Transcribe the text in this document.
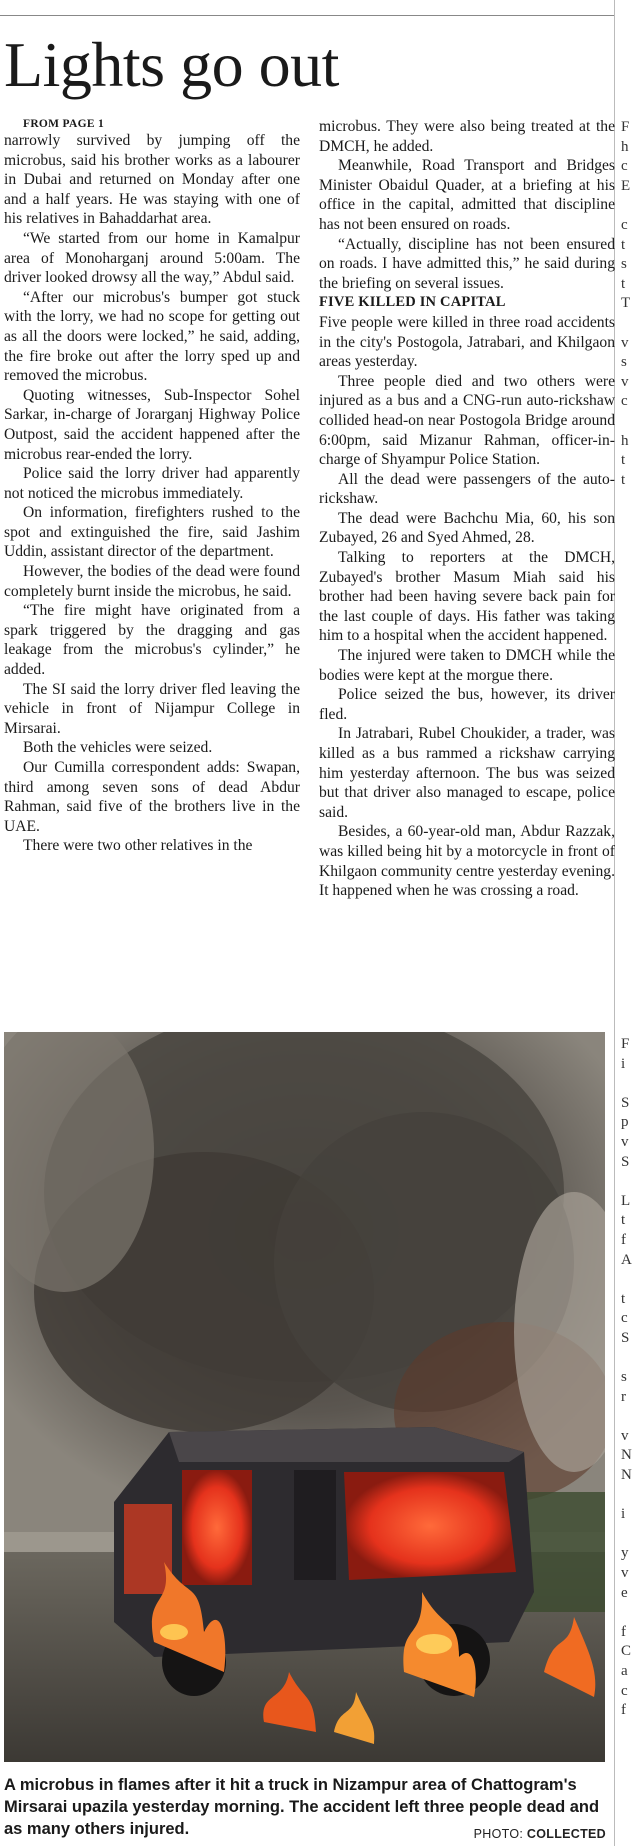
Lights go out

FROM PAGE 1

narrowly survived by jumping off the microbus, said his brother works as a labourer in Dubai and returned on Monday after one and a half years. He was staying with one of his relatives in Bahaddarhat area.

“We started from our home in Kamalpur area of Monoharganj around 5:00am. The driver looked drowsy all the way,” Abdul said.

“After our microbus's bumper got stuck with the lorry, we had no scope for getting out as all the doors were locked,” he said, adding, the fire broke out after the lorry sped up and removed the microbus.

Quoting witnesses, Sub-Inspector Sohel Sarkar, in-charge of Jorarganj Highway Police Outpost, said the accident happened after the microbus rear-ended the lorry.

Police said the lorry driver had apparently not noticed the microbus immediately.

On information, firefighters rushed to the spot and extinguished the fire, said Jashim Uddin, assistant director of the department.

However, the bodies of the dead were found completely burnt inside the microbus, he said.

“The fire might have originated from a spark triggered by the dragging and gas leakage from the microbus's cylinder,” he added.

The SI said the lorry driver fled leaving the vehicle in front of Nijampur College in Mirsarai.

Both the vehicles were seized.

Our Cumilla correspondent adds: Swapan, third among seven sons of dead Abdur Rahman, said five of the brothers live in the UAE.

There were two other relatives in the

microbus. They were also being treated at the DMCH, he added.

Meanwhile, Road Transport and Bridges Minister Obaidul Quader, at a briefing at his office in the capital, admitted that discipline has not been ensured on roads.

“Actually, discipline has not been ensured on roads. I have admitted this,” he said during the briefing on several issues.

FIVE KILLED IN CAPITAL

Five people were killed in three road accidents in the city's Postogola, Jatrabari, and Khilgaon areas yesterday.

Three people died and two others were injured as a bus and a CNG-run auto-rickshaw collided head-on near Postogola Bridge around 6:00pm, said Mizanur Rahman, officer-in-charge of Shyampur Police Station.

All the dead were passengers of the auto-rickshaw.

The dead were Bachchu Mia, 60, his son Zubayed, 26 and Syed Ahmed, 28.

Talking to reporters at the DMCH, Zubayed's brother Masum Miah said his brother had been having severe back pain for the last couple of days. His father was taking him to a hospital when the accident happened.

The injured were taken to DMCH while the bodies were kept at the morgue there.

Police seized the bus, however, its driver fled.

In Jatrabari, Rubel Choukider, a trader, was killed as a bus rammed a rickshaw carrying him yesterday afternoon. The bus was seized but that driver also managed to escape, police said.

Besides, a 60-year-old man, Abdur Razzak, was killed being hit by a motorcycle in front of Khilgaon community centre yesterday evening. It happened when he was crossing a road.

A microbus in flames after it hit a truck in Nizampur area of Chattogram's Mirsarai upazila yesterday morning. The accident left three people dead and as many others injured.	PHOTO: COLLECTED
F
h
c
E
c
t
s
t
T
v
s
v
c
h
t
t
F
i
S
p
v
S
L
t
f
A
t
c
S
s
r
v
N
N
i
y
v
e
f
C
a
c
f
